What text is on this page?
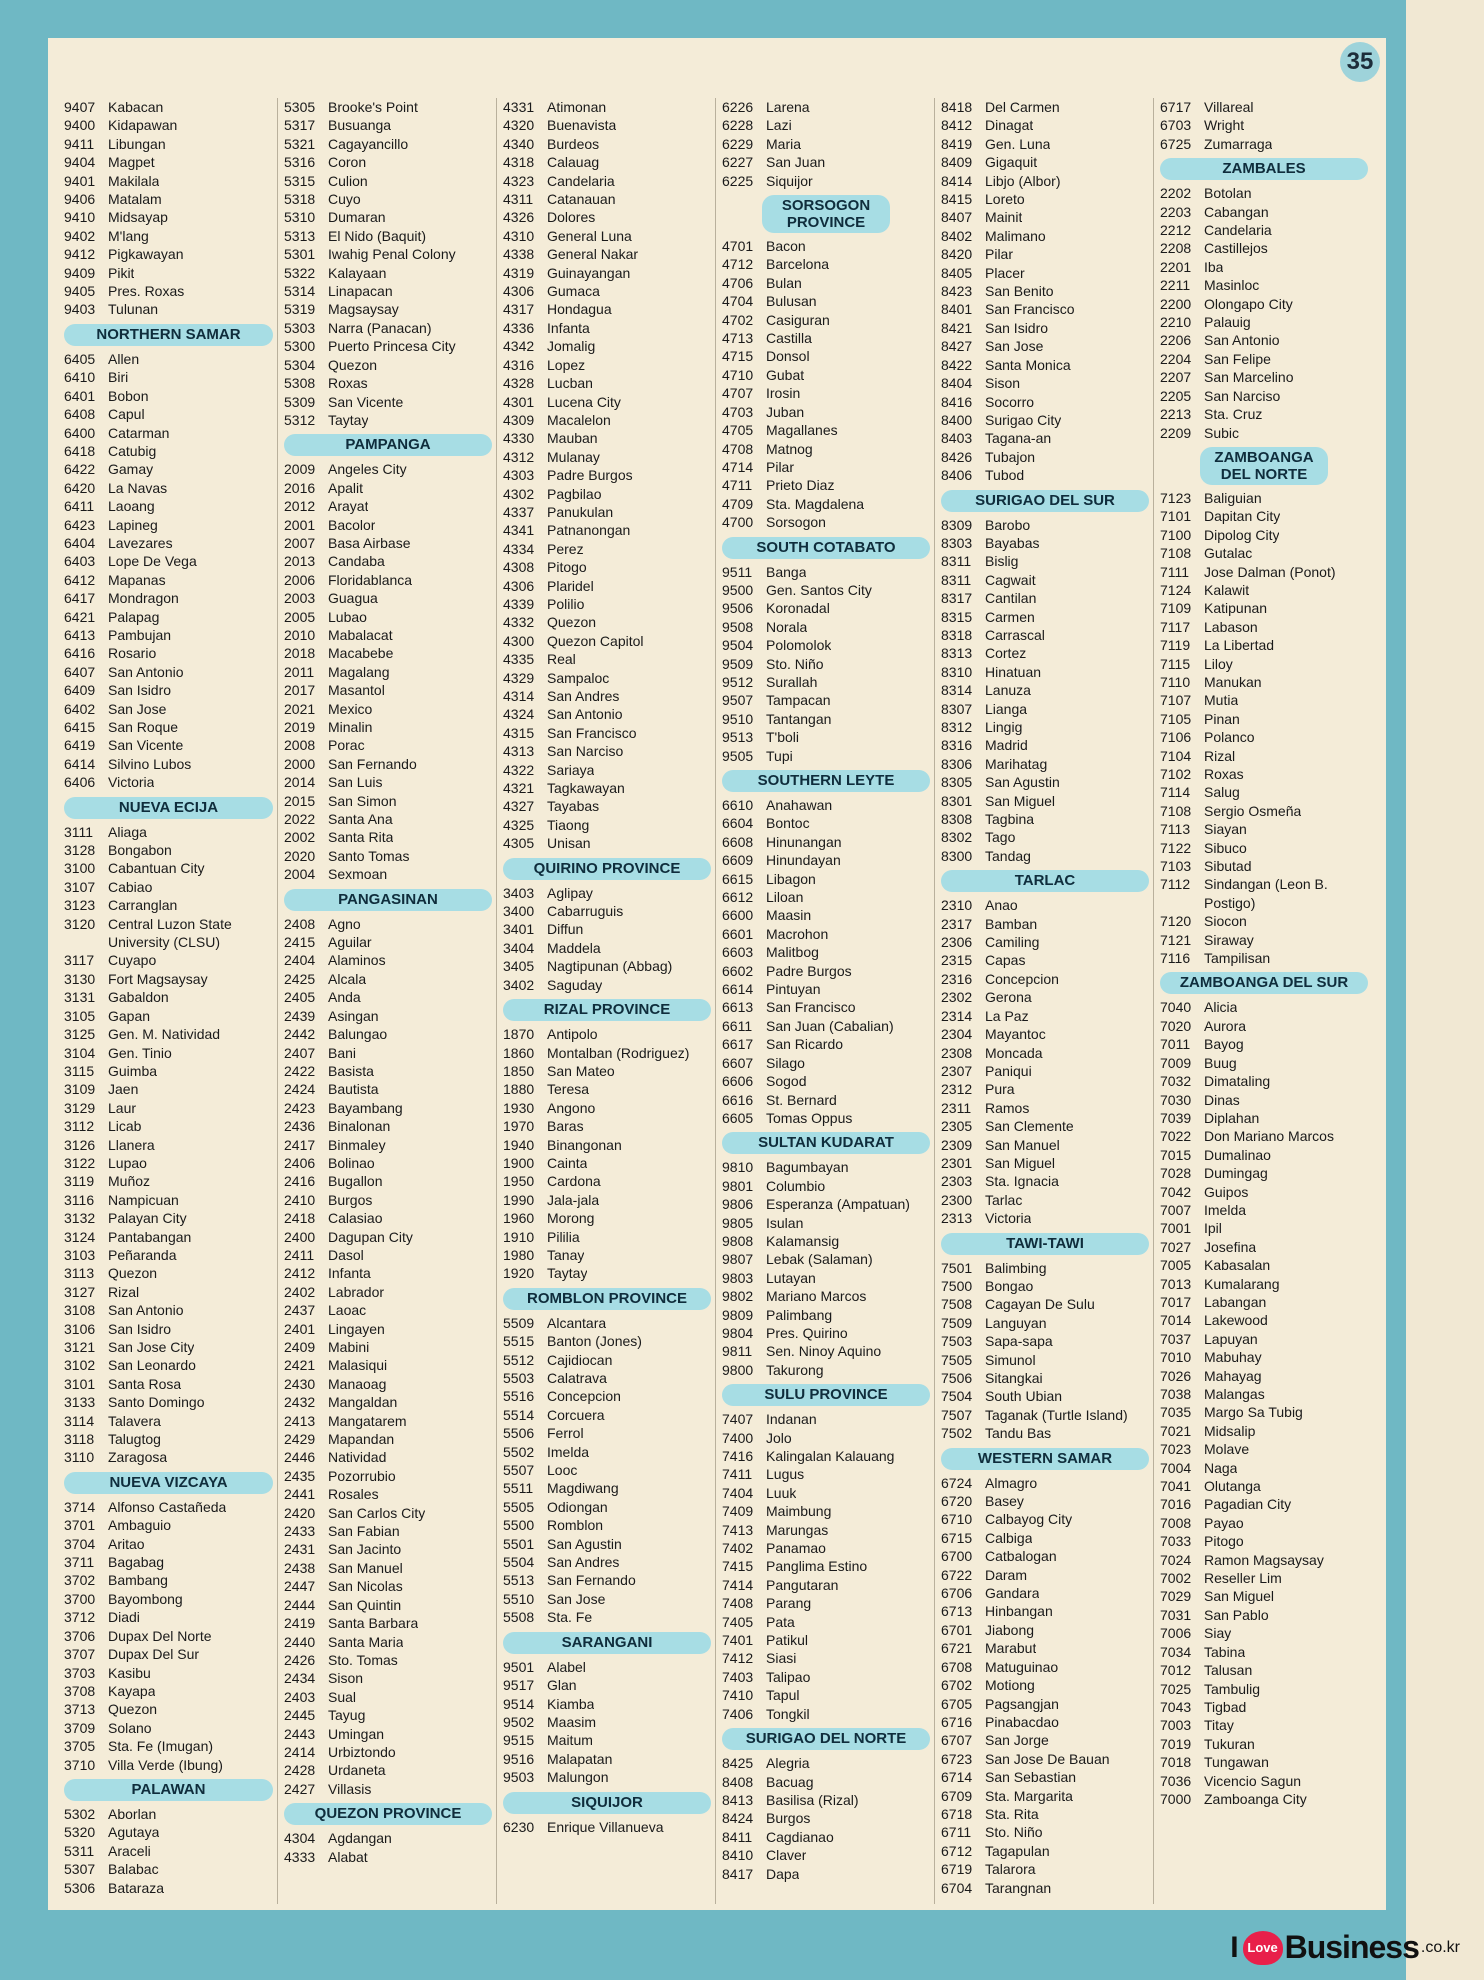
35
9407 Kabacan
9400 Kidapawan
9411 Libungan
9404 Magpet
9401 Makilala
9406 Matalam
9410 Midsayap
9402 M'lang
9412 Pigkawayan
9409 Pikit
9405 Pres. Roxas
9403 Tulunan
NORTHERN SAMAR
6405 Allen
6410 Biri
6401 Bobon
6408 Capul
6400 Catarman
6418 Catubig
6422 Gamay
6420 La Navas
6411 Laoang
6423 Lapineg
6404 Lavezares
6403 Lope De Vega
6412 Mapanas
6417 Mondragon
6421 Palapag
6413 Pambujan
6416 Rosario
6407 San Antonio
6409 San Isidro
6402 San Jose
6415 San Roque
6419 San Vicente
6414 Silvino Lubos
6406 Victoria
NUEVA ECIJA
3111	Aliaga
3128 Bongabon
3100 Cabantuan City
3107 Cabiao
3123 Carranglan
3120 Central Luzon State University (CLSU)
3117 Cuyapo
3130 Fort Magsaysay
3131 Gabaldon
3105 Gapan
3125 Gen. M. Natividad
3104 Gen. Tinio
3115 Guimba
3109 Jaen
3129 Laur
3112 Licab
3126 Llanera
3122 Lupao
3119 Muñoz
3116 Nampicuan
3132 Palayan City
3124 Pantabangan
3103 Peñaranda
3113 Quezon
3127 Rizal
3108 San Antonio
3106 San Isidro
3121 San Jose City
3102 San Leonardo
3101 Santa Rosa
3133 Santo Domingo
3114 Talavera
3118 Talugtog
3110 Zaragosa
NUEVA VIZCAYA
3714 Alfonso Castañeda
3701 Ambaguio
3704 Aritao
3711 Bagabag
3702 Bambang
3700 Bayombong
3712 Diadi
3706 Dupax Del Norte
3707 Dupax Del Sur
3703 Kasibu
3708 Kayapa
3713 Quezon
3709 Solano
3705 Sta. Fe (Imugan)
3710 Villa Verde (Ibung)
PALAWAN
5302 Aborlan
5320 Agutaya
5311 Araceli
5307 Balabac
5306 Bataraza
5305 Brooke's Point
5317 Busuanga
5321 Cagayancillo
5316 Coron
5315 Culion
5318 Cuyo
5310 Dumaran
5313 El Nido (Baquit)
5301 Iwahig Penal Colony
5322 Kalayaan
5314 Linapacan
5319 Magsaysay
5303 Narra (Panacan)
5300 Puerto Princesa City
5304 Quezon
5308 Roxas
5309 San Vicente
5312 Taytay
PAMPANGA
2009 Angeles City
2016 Apalit
2012 Arayat
2001 Bacolor
2007 Basa Airbase
2013 Candaba
2006 Floridablanca
2003 Guagua
2005 Lubao
2010 Mabalacat
2018 Macabebe
2011 Magalang
2017 Masantol
2021 Mexico
2019 Minalin
2008 Porac
2000 San Fernando
2014 San Luis
2015 San Simon
2022 Santa Ana
2002 Santa Rita
2020 Santo Tomas
2004 Sexmoan
PANGASINAN
2408 Agno
2415 Aguilar
2404 Alaminos
2425 Alcala
2405 Anda
2439 Asingan
2442 Balungao
2407 Bani
2422 Basista
2424 Bautista
2423 Bayambang
2436 Binalonan
2417 Binmaley
2406 Bolinao
2416 Bugallon
2410 Burgos
2418 Calasiao
2400 Dagupan City
2411 Dasol
2412 Infanta
2402 Labrador
2437 Laoac
2401 Lingayen
2409 Mabini
2421 Malasiqui
2430 Manaoag
2432 Mangaldan
2413 Mangatarem
2429 Mapandan
2446 Natividad
2435 Pozorrubio
2441 Rosales
2420 San Carlos City
2433 San Fabian
2431 San Jacinto
2438 San Manuel
2447 San Nicolas
2444 San Quintin
2419 Santa Barbara
2440 Santa Maria
2426 Sto. Tomas
2434 Sison
2403 Sual
2445 Tayug
2443 Umingan
2414 Urbiztondo
2428 Urdaneta
2427 Villasis
QUEZON PROVINCE
4304 Agdangan
4333 Alabat
4331 Atimonan
4320 Buenavista
4340 Burdeos
4318 Calauag
4323 Candelaria
4311 Catanauan
4326 Dolores
4310 General Luna
4338 General Nakar
4319 Guinayangan
4306 Gumaca
4317 Hondagua
4336 Infanta
4342 Jomalig
4316 Lopez
4328 Lucban
4301 Lucena City
4309 Macalelon
4330 Mauban
4312 Mulanay
4303 Padre Burgos
4302 Pagbilao
4337 Panukulan
4341 Patnanongan
4334 Perez
4308 Pitogo
4306 Plaridel
4339 Polilio
4332 Quezon
4300 Quezon Capitol
4335 Real
4329 Sampaloc
4314 San Andres
4324 San Antonio
4315 San Francisco
4313 San Narciso
4322 Sariaya
4321 Tagkawayan
4327 Tayabas
4325 Tiaong
4305 Unisan
QUIRINO PROVINCE
3403 Aglipay
3400 Cabarruguis
3401 Diffun
3404 Maddela
3405 Nagtipunan (Abbag)
3402 Saguday
RIZAL PROVINCE
1870 Antipolo
1860 Montalban (Rodriguez)
1850 San Mateo
1880 Teresa
1930 Angono
1970 Baras
1940 Binangonan
1900 Cainta
1950 Cardona
1990 Jala-jala
1960 Morong
1910 Pililia
1980 Tanay
1920 Taytay
ROMBLON PROVINCE
5509 Alcantara
5515 Banton (Jones)
5512 Cajidiocan
5503 Calatrava
5516 Concepcion
5514 Corcuera
5506 Ferrol
5502 Imelda
5507 Looc
5511 Magdiwang
5505 Odiongan
5500 Romblon
5501 San Agustin
5504 San Andres
5513 San Fernando
5510 San Jose
5508 Sta. Fe
SARANGANI
9501 Alabel
9517 Glan
9514 Kiamba
9502 Maasim
9515 Maitum
9516 Malapatan
9503 Malungon
SIQUIJOR
6230 Enrique Villanueva
6226 Larena
6228 Lazi
6229 Maria
6227 San Juan
6225 Siquijor
SORSOGON PROVINCE
4701 Bacon
4712 Barcelona
4706 Bulan
4704 Bulusan
4702 Casiguran
4713 Castilla
4715 Donsol
4710 Gubat
4707 Irosin
4703 Juban
4705 Magallanes
4708 Matnog
4714 Pilar
4711 Prieto Diaz
4709 Sta. Magdalena
4700 Sorsogon
SOUTH COTABATO
9511 Banga
9500 Gen. Santos City
9506 Koronadal
9508 Norala
9504 Polomolok
9509 Sto. Niño
9512 Surallah
9507 Tampacan
9510 Tantangan
9513 T'boli
9505 Tupi
SOUTHERN LEYTE
6610 Anahawan
6604 Bontoc
6608 Hinunangan
6609 Hinundayan
6615 Libagon
6612 Liloan
6600 Maasin
6601 Macrohon
6603 Malitbog
6602 Padre Burgos
6614 Pintuyan
6613 San Francisco
6611 San Juan (Cabalian)
6617 San Ricardo
6607 Silago
6606 Sogod
6616 St. Bernard
6605 Tomas Oppus
SULTAN KUDARAT
9810 Bagumbayan
9801 Columbio
9806 Esperanza (Ampatuan)
9805 Isulan
9808 Kalamansig
9807 Lebak (Salaman)
9803 Lutayan
9802 Mariano Marcos
9809 Palimbang
9804 Pres. Quirino
9811 Sen. Ninoy Aquino
9800 Takurong
SULU PROVINCE
7407 Indanan
7400 Jolo
7416 Kalingalan Kalauang
7411 Lugus
7404 Luuk
7409 Maimbung
7413 Marungas
7402 Panamao
7415 Panglima Estino
7414 Pangutaran
7408 Parang
7405 Pata
7401 Patikul
7412 Siasi
7403 Talipao
7410 Tapul
7406 Tongkil
SURIGAO DEL NORTE
8425 Alegria
8408 Bacuag
8413 Basilisa (Rizal)
8424 Burgos
8411 Cagdianao
8410 Claver
8417 Dapa
8418 Del Carmen
8412 Dinagat
8419 Gen. Luna
8409 Gigaquit
8414 Libjo (Albor)
8415 Loreto
8407 Mainit
8402 Malimano
8420 Pilar
8405 Placer
8423 San Benito
8401 San Francisco
8421 San Isidro
8427 San Jose
8422 Santa Monica
8404 Sison
8416 Socorro
8400 Surigao City
8403 Tagana-an
8426 Tubajon
8406 Tubod
SURIGAO DEL SUR
8309 Barobo
8303 Bayabas
8311 Bislig
8311 Cagwait
8317 Cantilan
8315 Carmen
8318 Carrascal
8313 Cortez
8310 Hinatuan
8314 Lanuza
8307 Lianga
8312 Lingig
8316 Madrid
8306 Marihatag
8305 San Agustin
8301 San Miguel
8308 Tagbina
8302 Tago
8300 Tandag
TARLAC
2310 Anao
2317 Bamban
2306 Camiling
2315 Capas
2316 Concepcion
2302 Gerona
2314 La Paz
2304 Mayantoc
2308 Moncada
2307 Paniqui
2312 Pura
2311 Ramos
2305 San Clemente
2309 San Manuel
2301 San Miguel
2303 Sta. Ignacia
2300 Tarlac
2313 Victoria
TAWI-TAWI
7501 Balimbing
7500 Bongao
7508 Cagayan De Sulu
7509 Languyan
7503 Sapa-sapa
7505 Simunol
7506 Sitangkai
7504 South Ubian
7507 Taganak (Turtle Island)
7502 Tandu Bas
WESTERN SAMAR
6724 Almagro
6720 Basey
6710 Calbayog City
6715 Calbiga
6700 Catbalogan
6722 Daram
6706 Gandara
6713 Hinbangan
6701 Jiabong
6721 Marabut
6708 Matuguinao
6702 Motiong
6705 Pagsangjan
6716 Pinabacdao
6707 San Jorge
6723 San Jose De Bauan
6714 San Sebastian
6709 Sta. Margarita
6718 Sta. Rita
6711 Sto. Niño
6712 Tagapulan
6719 Talarora
6704 Tarangnan
6717 Villareal
6703 Wright
6725 Zumarraga
ZAMBALES
2202 Botolan
2203 Cabangan
2212 Candelaria
2208 Castillejos
2201 Iba
2211 Masinloc
2200 Olongapo City
2210 Palauig
2206 San Antonio
2204 San Felipe
2207 San Marcelino
2205 San Narciso
2213 Sta. Cruz
2209 Subic
ZAMBOANGA DEL NORTE
7123 Baliguian
7101 Dapitan City
7100 Dipolog City
7108 Gutalac
7111	Jose Dalman (Ponot)
7124 Kalawit
7109 Katipunan
7117 Labason
7119 La Libertad
7115 Liloy
7110 Manukan
7107 Mutia
7105 Pinan
7106 Polanco
7104 Rizal
7102 Roxas
7114 Salug
7108 Sergio Osmeña
7113 Siayan
7122 Sibuco
7103 Sibutad
7112 Sindangan (Leon B. Postigo)
7120 Siocon
7121 Siraway
7116 Tampilisan
ZAMBOANGA DEL SUR
7040 Alicia
7020 Aurora
7011 Bayog
7009 Buug
7032 Dimataling
7030 Dinas
7039 Diplahan
7022 Don Mariano Marcos
7015 Dumalinao
7028 Dumingag
7042 Guipos
7007 Imelda
7001 Ipil
7027 Josefina
7005 Kabasalan
7013 Kumalarang
7017 Labangan
7014 Lakewood
7037 Lapuyan
7010 Mabuhay
7026 Mahayag
7038 Malangas
7035 Margo Sa Tubig
7021 Midsalip
7023 Molave
7004 Naga
7041 Olutanga
7016 Pagadian City
7008 Payao
7033 Pitogo
7024 Ramon Magsaysay
7002 Reseller Lim
7029 San Miguel
7031 San Pablo
7006 Siay
7034 Tabina
7012 Talusan
7025 Tambulig
7043 Tigbad
7003 Titay
7019 Tukuran
7018 Tungawan
7036 Vicencio Sagun
7000 Zamboanga City
I Love Business .co.kr
